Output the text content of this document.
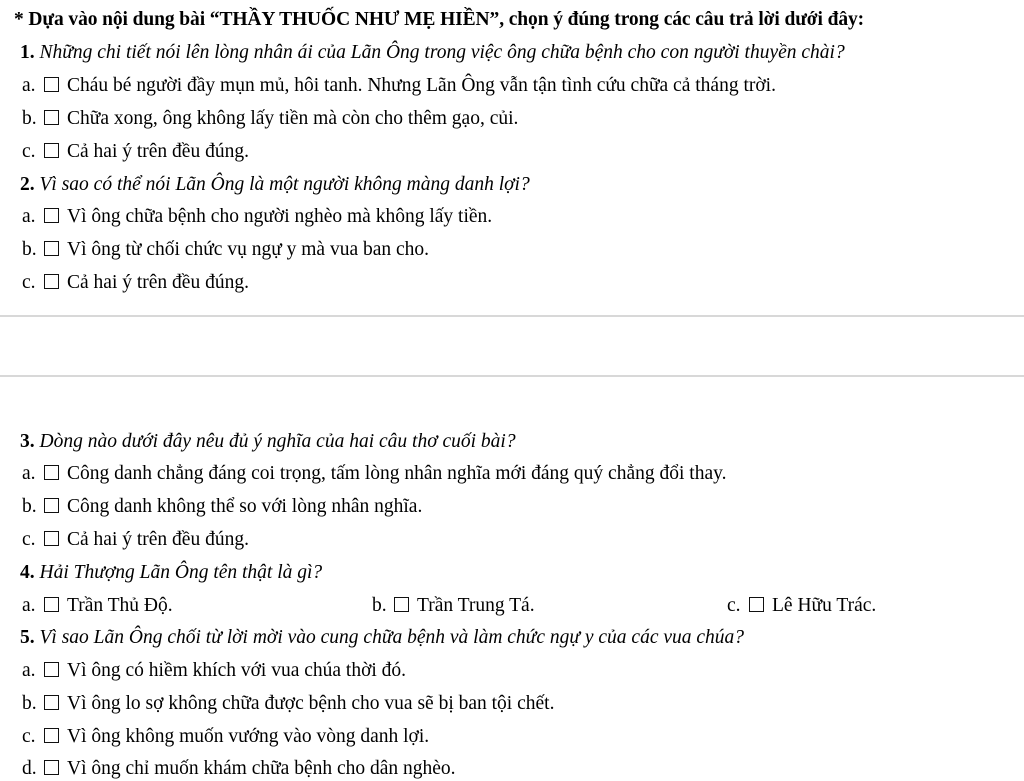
* Dựa vào nội dung bài “THẦY THUỐC NHƯ MẸ HIỀN”, chọn ý đúng trong các câu trả lời dưới đây:
1. Những chi tiết nói lên lòng nhân ái của Lãn Ông trong việc ông chữa bệnh cho con người thuyền chài?
a.	Cháu bé người đầy mụn mủ, hôi tanh. Nhưng Lãn Ông vẫn tận tình cứu chữa cả tháng trời.
b.	Chữa xong, ông không lấy tiền mà còn cho thêm gạo, củi.
c.	Cả hai ý trên đều đúng.
2. Vì sao có thể nói Lãn Ông là một người không màng danh lợi?
a.	Vì ông chữa bệnh cho người nghèo mà không lấy tiền.
b.	Vì ông từ chối chức vụ ngự y mà vua ban cho.
c.	Cả hai ý trên đều đúng.
3. Dòng nào dưới đây nêu đủ ý nghĩa của hai câu thơ cuối bài?
a.	Công danh chẳng đáng coi trọng, tấm lòng nhân nghĩa mới đáng quý chẳng đổi thay.
b.	Công danh không thể so với lòng nhân nghĩa.
c.	Cả hai ý trên đều đúng.
4. Hải Thượng Lãn Ông tên thật là gì?
a.	Trần Thủ Độ.	b.	Trần Trung Tá.	c.	Lê Hữu Trác.
5. Vì sao Lãn Ông chối từ lời mời vào cung chữa bệnh và làm chức ngự y của các vua chúa?
a.	Vì ông có hiềm khích với vua chúa thời đó.
b.	Vì ông lo sợ không chữa được bệnh cho vua sẽ bị ban tội chết.
c.	Vì ông không muốn vướng vào vòng danh lợi.
d.	Vì ông chỉ muốn khám chữa bệnh cho dân nghèo.
